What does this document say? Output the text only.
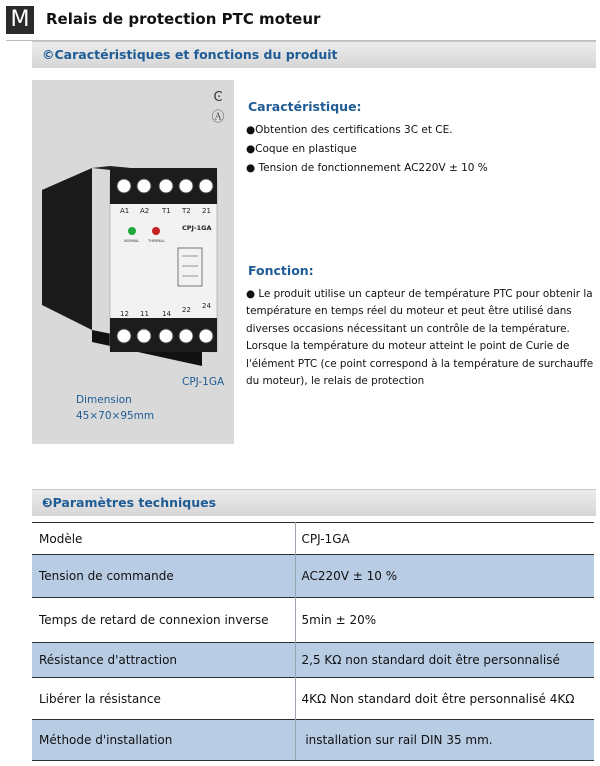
M	Relais de protection PTC moteur
©Caractéristiques et fonctions du produit
Ͼ
Ⓐ
A1 A2 T1 T2 21
NORMAL	THERMAL
CPJ-1GA
12 11 14 22 24
CPJ-1GA
Dimension
45×70×95mm
Caractéristique:
●Obtention des certifications 3C et CE.
●Coque en plastique
● Tension de fonctionnement AC220V ± 10 %
Fonction:
● Le produit utilise un capteur de température PTC pour obtenir la température en temps réel du moteur et peut être utilisé dans diverses occasions nécessitant un contrôle de la température. Lorsque la température du moteur atteint le point de Curie de l'élément PTC (ce point correspond à la température de surchauffe du moteur), le relais de protection
❸Paramètres techniques
Modèle	CPJ-1GA
Tension de commande	AC220V ± 10 %
Temps de retard de connexion inverse	5min ± 20%
Résistance d'attraction	2,5 KΩ non standard doit être personnalisé
Libérer la résistance	4KΩ Non standard doit être personnalisé 4KΩ
Méthode d'installation	installation sur rail DIN 35 mm.
